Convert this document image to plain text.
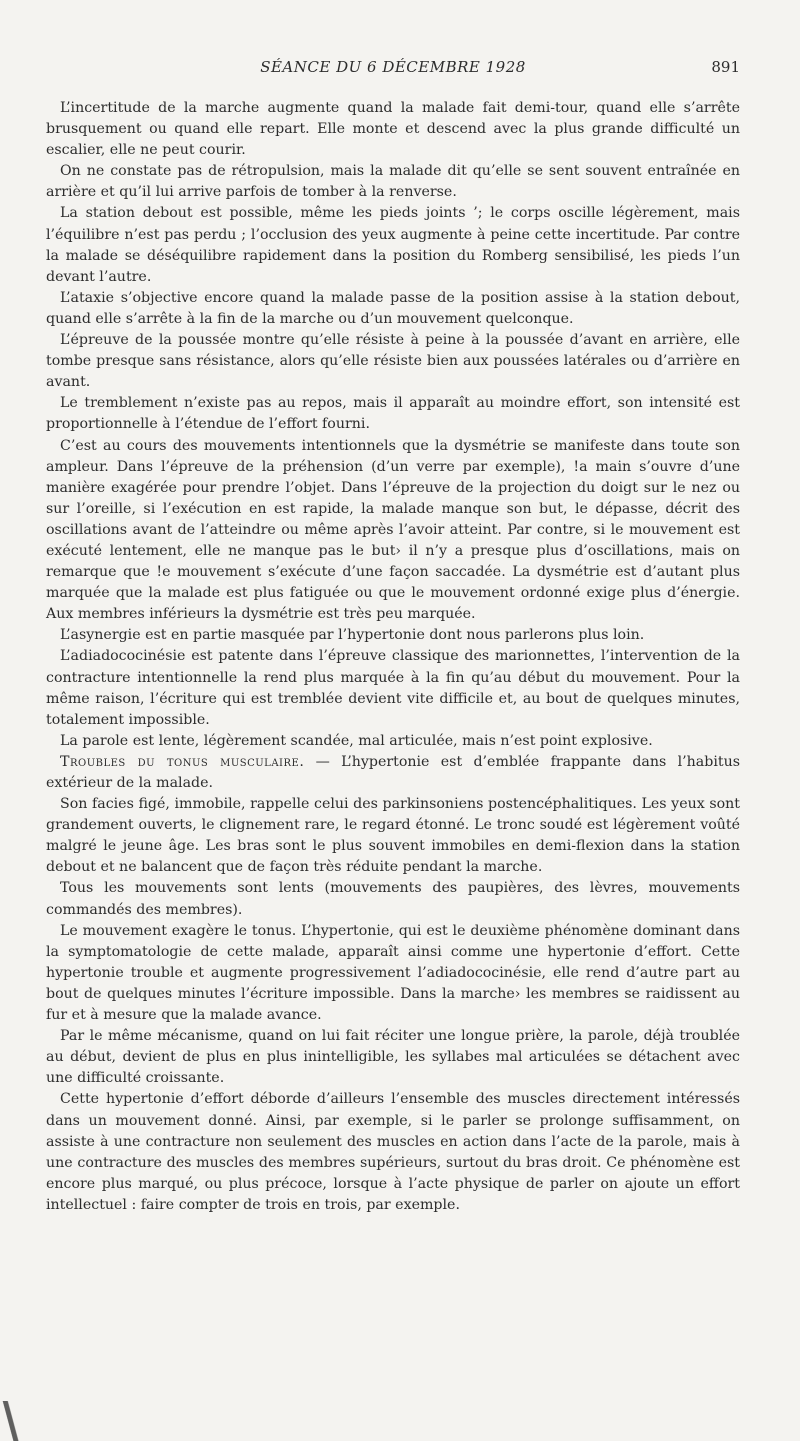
SÉANCE DU 6 DÉCEMBRE 1928	891

L’incertitude de la marche augmente quand la malade fait demi-tour, quand elle s’arrête brusquement ou quand elle repart. Elle monte et descend avec la plus grande difficulté un escalier, elle ne peut courir.

On ne constate pas de rétropulsion, mais la malade dit qu’elle se sent souvent entraînée en arrière et qu’il lui arrive parfois de tomber à la renverse.

La station debout est possible, même les pieds joints ’; le corps oscille légèrement, mais l’équilibre n’est pas perdu ; l’occlusion des yeux augmente à peine cette incertitude. Par contre la malade se déséquilibre rapidement dans la position du Romberg sensibilisé, les pieds l’un devant l’autre.

L’ataxie s’objective encore quand la malade passe de la position assise à la station debout, quand elle s’arrête à la fin de la marche ou d’un mouvement quelconque.

L’épreuve de la poussée montre qu’elle résiste à peine à la poussée d’avant en arrière, elle tombe presque sans résistance, alors qu’elle résiste bien aux poussées latérales ou d’arrière en avant.

Le tremblement n’existe pas au repos, mais il apparaît au moindre effort, son intensité est proportionnelle à l’étendue de l’effort fourni.

C’est au cours des mouvements intentionnels que la dysmétrie se manifeste dans toute son ampleur. Dans l’épreuve de la préhension (d’un verre par exemple), !a main s’ouvre d’une manière exagérée pour prendre l’objet. Dans l’épreuve de la projection du doigt sur le nez ou sur l’oreille, si l’exécution en est rapide, la malade manque son but, le dépasse, décrit des oscillations avant de l’atteindre ou même après l’avoir atteint. Par contre, si le mouvement est exécuté lentement, elle ne manque pas le but› il n’y a presque plus d’oscillations, mais on remarque que !e mouvement s’exécute d’une façon saccadée. La dysmétrie est d’autant plus marquée que la malade est plus fatiguée ou que le mouvement ordonné exige plus d’énergie. Aux membres inférieurs la dysmétrie est très peu marquée.

L’asynergie est en partie masquée par l’hypertonie dont nous parlerons plus loin.

L’adiadococinésie est patente dans l’épreuve classique des marionnettes, l’intervention de la contracture intentionnelle la rend plus marquée à la fin qu’au début du mouvement. Pour la même raison, l’écriture qui est tremblée devient vite difficile et, au bout de quelques minutes, totalement impossible.

La parole est lente, légèrement scandée, mal articulée, mais n’est point explosive.

Troubles du tonus musculaire. — L’hypertonie est d’emblée frappante dans l’habitus extérieur de la malade.

Son facies figé, immobile, rappelle celui des parkinsoniens postencéphalitiques. Les yeux sont grandement ouverts, le clignement rare, le regard étonné. Le tronc soudé est légèrement voûté malgré le jeune âge. Les bras sont le plus souvent immobiles en demi-flexion dans la station debout et ne balancent que de façon très réduite pendant la marche.

Tous les mouvements sont lents (mouvements des paupières, des lèvres, mouvements commandés des membres).

Le mouvement exagère le tonus. L’hypertonie, qui est le deuxième phénomène dominant dans la symptomatologie de cette malade, apparaît ainsi comme une hypertonie d’effort. Cette hypertonie trouble et augmente progressivement l’adiadococinésie, elle rend d’autre part au bout de quelques minutes l’écriture impossible. Dans la marche› les membres se raidissent au fur et à mesure que la malade avance.

Par le même mécanisme, quand on lui fait réciter une longue prière, la parole, déjà troublée au début, devient de plus en plus inintelligible, les syllabes mal articulées se détachent avec une difficulté croissante.

Cette hypertonie d’effort déborde d’ailleurs l’ensemble des muscles directement intéressés dans un mouvement donné. Ainsi, par exemple, si le parler se prolonge suffisamment, on assiste à une contracture non seulement des muscles en action dans l’acte de la parole, mais à une contracture des muscles des membres supérieurs, surtout du bras droit. Ce phénomène est encore plus marqué, ou plus précoce, lorsque à l’acte physique de parler on ajoute un effort intellectuel : faire compter de trois en trois, par exemple.
